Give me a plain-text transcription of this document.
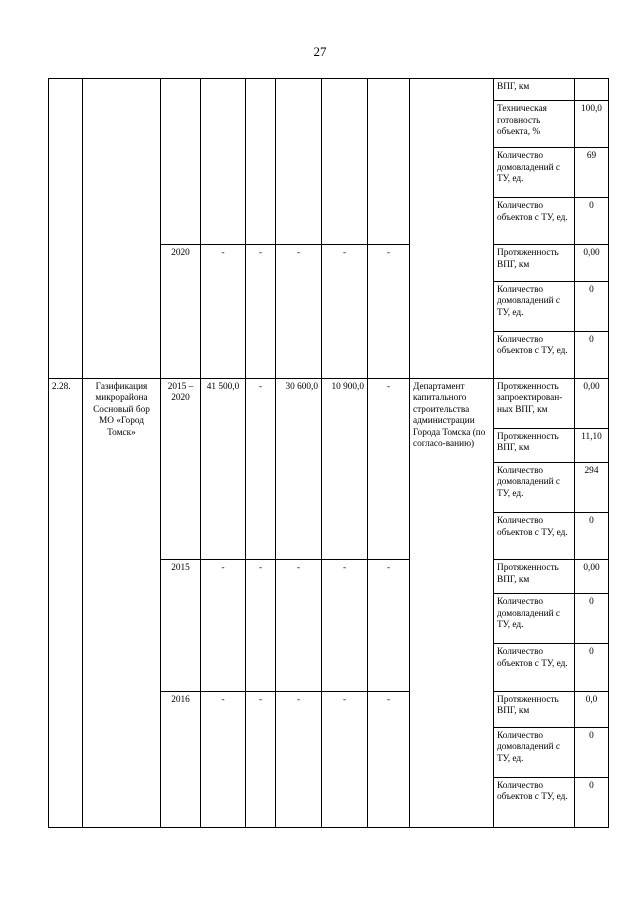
27
									ВПГ, км	
									Техническая готовность объекта, %	100,0
									Количество домовладений с ТУ, ед.	69
									Количество объектов с ТУ, ед.	0
		2020	-	-	-	-	-		Протяженность ВПГ, км	0,00
									Количество домовладений с ТУ, ед.	0
									Количество объектов с ТУ, ед.	0
2.28.	Газификация микрорайона Сосновый бор МО «Город Томск»	2015 – 2020	41 500,0	-	30 600,0	10 900,0	-	Департамент капитального строительства администрации Города Томска (по согласо-ванию)	Протяженность запроектирован-ных ВПГ, км	0,00
									Протяженность ВПГ, км	11,10
									Количество домовладений с ТУ, ед.	294
									Количество объектов с ТУ, ед.	0
		2015	-	-	-	-	-		Протяженность ВПГ, км	0,00
									Количество домовладений с ТУ, ед.	0
									Количество объектов с ТУ, ед.	0
		2016	-	-	-	-	-		Протяженность ВПГ, км	0,0
									Количество домовладений с ТУ, ед.	0
									Количество объектов с ТУ, ед.	0
